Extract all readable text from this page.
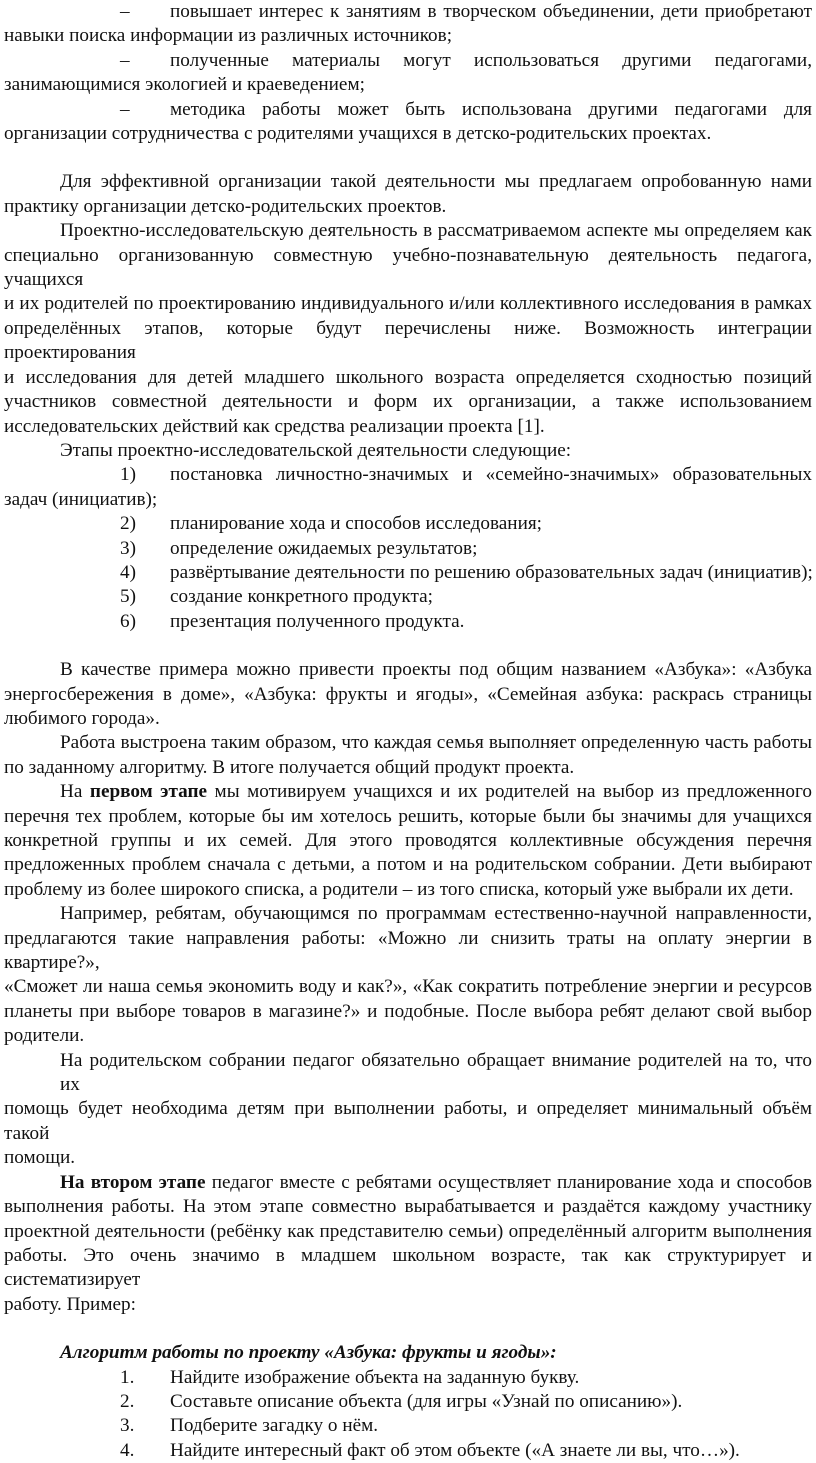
– повышает интерес к занятиям в творческом объединении, дети приобретают
навыки поиска информации из различных источников;
– полученные материалы могут использоваться другими педагогами,
занимающимися экологией и краеведением;
– методика работы может быть использована другими педагогами для
организации сотрудничества с родителями учащихся в детско-родительских проектах.
Для эффективной организации такой деятельности мы предлагаем опробованную нами
практику организации детско-родительских проектов.
Проектно-исследовательскую деятельность в рассматриваемом аспекте мы определяем как
специально организованную совместную учебно-познавательную деятельность педагога, учащихся
и их родителей по проектированию индивидуального и/или коллективного исследования в рамках
определённых этапов, которые будут перечислены ниже. Возможность интеграции проектирования
и исследования для детей младшего школьного возраста определяется сходностью позиций
участников совместной деятельности и форм их организации, а также использованием
исследовательских действий как средства реализации проекта [1].
Этапы проектно-исследовательской деятельности следующие:
1) постановка личностно-значимых и «семейно-значимых» образовательных
задач (инициатив);
2) планирование хода и способов исследования;
3) определение ожидаемых результатов;
4) развёртывание деятельности по решению образовательных задач (инициатив);
5) создание конкретного продукта;
6) презентация полученного продукта.
В качестве примера можно привести проекты под общим названием «Азбука»: «Азбука
энергосбережения в доме», «Азбука: фрукты и ягоды», «Семейная азбука: раскрась страницы
любимого города».
Работа выстроена таким образом, что каждая семья выполняет определенную часть работы
по заданному алгоритму. В итоге получается общий продукт проекта.
На первом этапе мы мотивируем учащихся и их родителей на выбор из предложенного
перечня тех проблем, которые бы им хотелось решить, которые были бы значимы для учащихся
конкретной группы и их семей. Для этого проводятся коллективные обсуждения перечня
предложенных проблем сначала с детьми, а потом и на родительском собрании. Дети выбирают
проблему из более широкого списка, а родители – из того списка, который уже выбрали их дети.
Например, ребятам, обучающимся по программам естественно-научной направленности,
предлагаются такие направления работы: «Можно ли снизить траты на оплату энергии в квартире?»,
«Сможет ли наша семья экономить воду и как?», «Как сократить потребление энергии и ресурсов
планеты при выборе товаров в магазине?» и подобные. После выбора ребят делают свой выбор
родители.
На родительском собрании педагог обязательно обращает внимание родителей на то, что их
помощь будет необходима детям при выполнении работы, и определяет минимальный объём такой
помощи.
На втором этапе педагог вместе с ребятами осуществляет планирование хода и способов
выполнения работы. На этом этапе совместно вырабатывается и раздаётся каждому участнику
проектной деятельности (ребёнку как представителю семьи) определённый алгоритм выполнения
работы. Это очень значимо в младшем школьном возрасте, так как структурирует и систематизирует
работу. Пример:
Алгоритм работы по проекту «Азбука: фрукты и ягоды»:
1. Найдите изображение объекта на заданную букву.
2. Составьте описание объекта (для игры «Узнай по описанию»).
3. Подберите загадку о нём.
4. Найдите интересный факт об этом объекте («А знаете ли вы, что…»).
